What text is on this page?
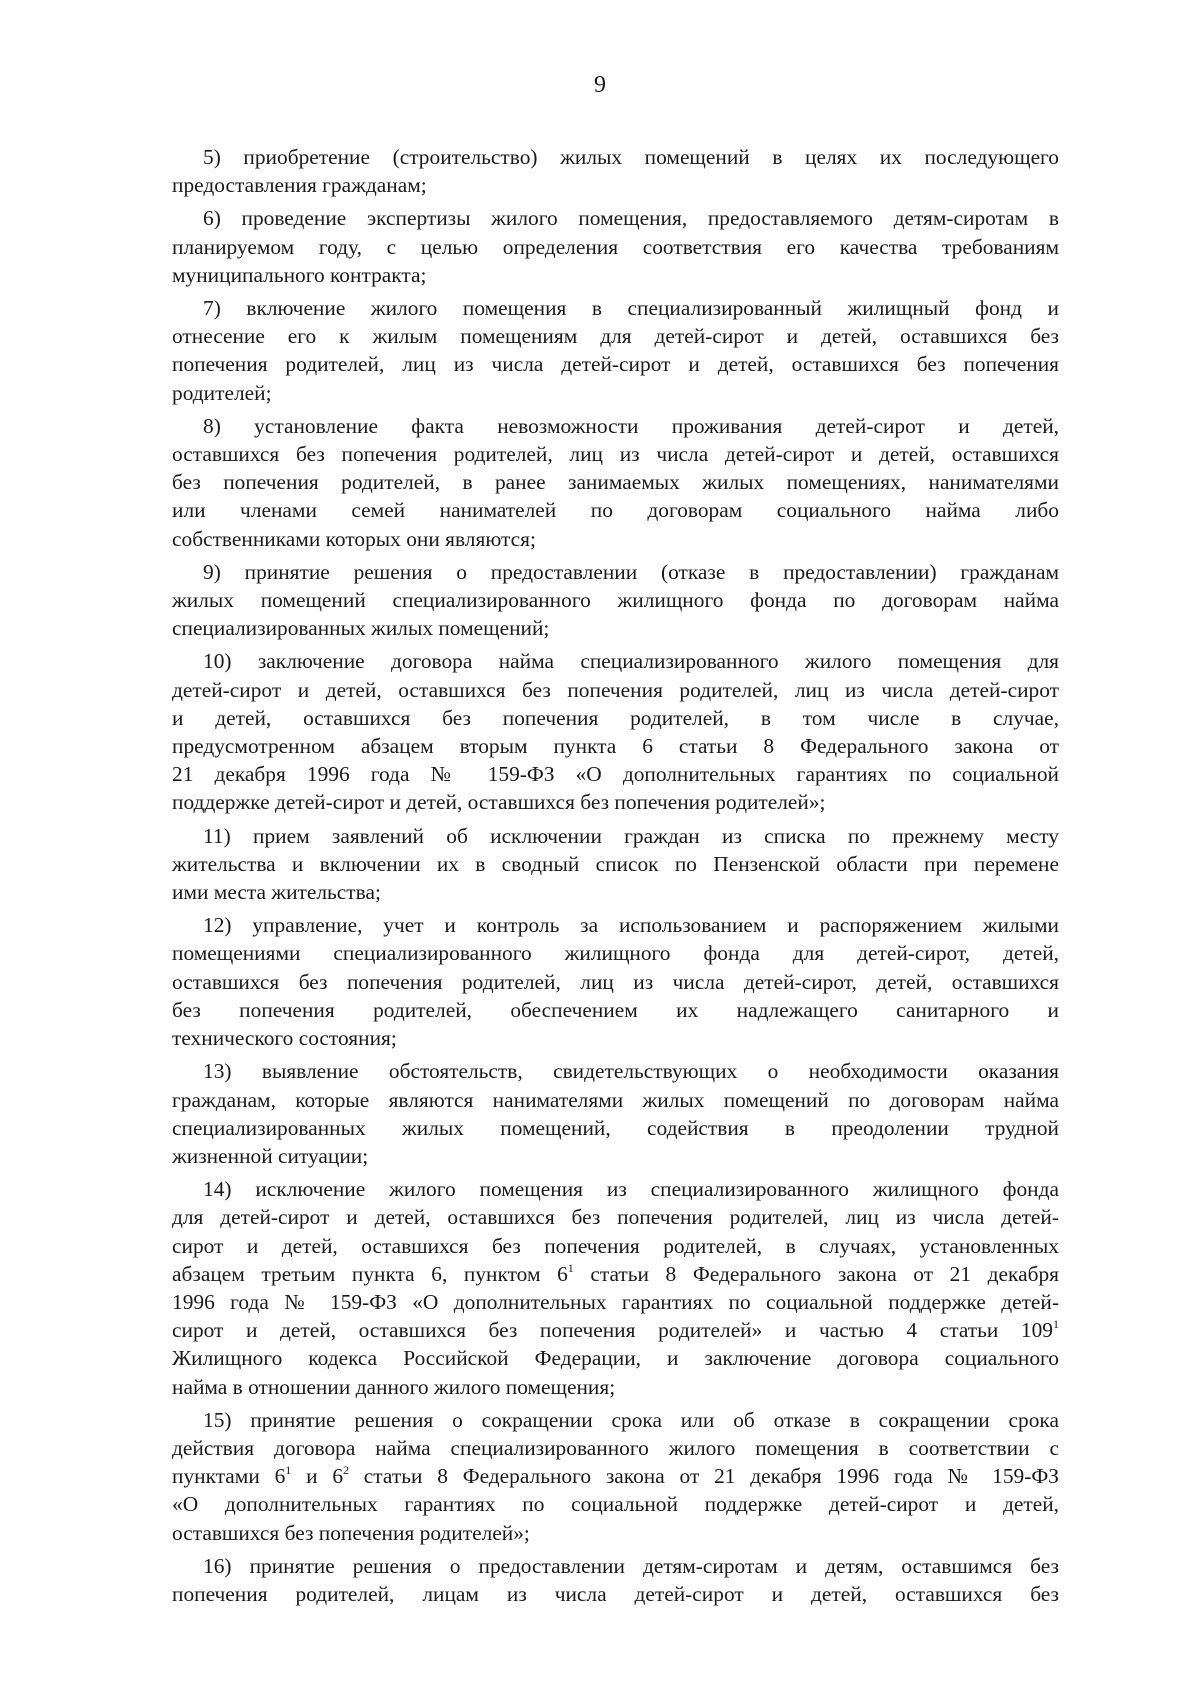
9
5) приобретение (строительство) жилых помещений в целях их последующего
предоставления гражданам;
6) проведение экспертизы жилого помещения, предоставляемого детям-сиротам в
планируемом году, с целью определения соответствия его качества требованиям
муниципального контракта;
7) включение жилого помещения в специализированный жилищный фонд и
отнесение его к жилым помещениям для детей-сирот и детей, оставшихся без
попечения родителей, лиц из числа детей-сирот и детей, оставшихся без попечения
родителей;
8) установление факта невозможности проживания детей-сирот и детей,
оставшихся без попечения родителей, лиц из числа детей-сирот и детей, оставшихся
без попечения родителей, в ранее занимаемых жилых помещениях, нанимателями
или членами семей нанимателей по договорам социального найма либо
собственниками которых они являются;
9) принятие решения о предоставлении (отказе в предоставлении) гражданам
жилых помещений специализированного жилищного фонда по договорам найма
специализированных жилых помещений;
10) заключение договора найма специализированного жилого помещения для
детей-сирот и детей, оставшихся без попечения родителей, лиц из числа детей-сирот
и детей, оставшихся без попечения родителей, в том числе в случае,
предусмотренном абзацем вторым пункта 6 статьи 8 Федерального закона от
21 декабря 1996 года № 159-ФЗ «О дополнительных гарантиях по социальной
поддержке детей-сирот и детей, оставшихся без попечения родителей»;
11) прием заявлений об исключении граждан из списка по прежнему месту
жительства и включении их в сводный список по Пензенской области при перемене
ими места жительства;
12) управление, учет и контроль за использованием и распоряжением жилыми
помещениями специализированного жилищного фонда для детей-сирот, детей,
оставшихся без попечения родителей, лиц из числа детей-сирот, детей, оставшихся
без попечения родителей, обеспечением их надлежащего санитарного и
технического состояния;
13) выявление обстоятельств, свидетельствующих о необходимости оказания
гражданам, которые являются нанимателями жилых помещений по договорам найма
специализированных жилых помещений, содействия в преодолении трудной
жизненной ситуации;
14) исключение жилого помещения из специализированного жилищного фонда
для детей-сирот и детей, оставшихся без попечения родителей, лиц из числа детей-
сирот и детей, оставшихся без попечения родителей, в случаях, установленных
абзацем третьим пункта 6, пунктом $6^1$ статьи 8 Федерального закона от 21 декабря
1996 года № 159-ФЗ «О дополнительных гарантиях по социальной поддержке детей-
сирот и детей, оставшихся без попечения родителей» и частью 4 статьи $109^1$
Жилищного кодекса Российской Федерации, и заключение договора социального
найма в отношении данного жилого помещения;
15) принятие решения о сокращении срока или об отказе в сокращении срока
действия договора найма специализированного жилого помещения в соответствии с
пунктами $6^1$ и $6^2$ статьи 8 Федерального закона от 21 декабря 1996 года № 159-ФЗ
«О дополнительных гарантиях по социальной поддержке детей-сирот и детей,
оставшихся без попечения родителей»;
16) принятие решения о предоставлении детям-сиротам и детям, оставшимся без
попечения родителей, лицам из числа детей-сирот и детей, оставшихся без
